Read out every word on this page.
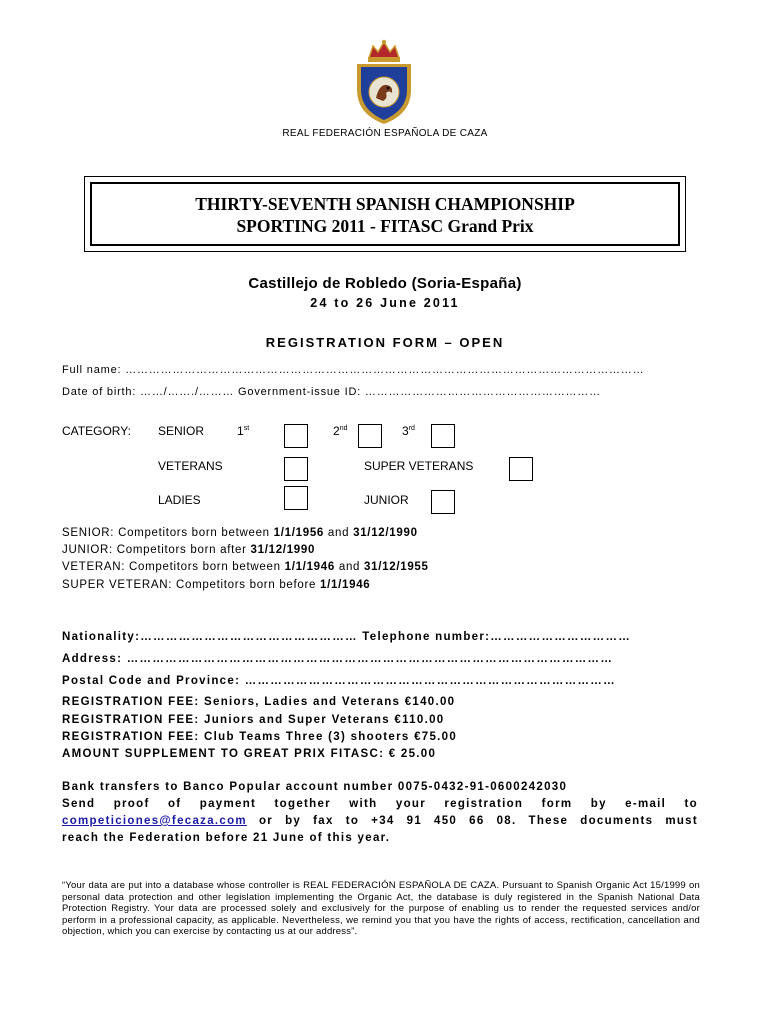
REAL FEDERACIÓN ESPAÑOLA DE CAZA
THIRTY-SEVENTH SPANISH CHAMPIONSHIP
SPORTING 2011 - FITASC Grand Prix
Castillejo de Robledo (Soria-España)
24 to 26 June 2011
REGISTRATION FORM – OPEN
Full name: ……………………………………………………………………………………………………………………
Date of birth: ……/……./……… Government-issue ID: ……………………………………………………
CATEGORY: SENIOR	1st	2nd	3rd
VETERANS	SUPER VETERANS
LADIES	JUNIOR
SENIOR: Competitors born between 1/1/1956 and 31/12/1990
JUNIOR: Competitors born after 31/12/1990
VETERAN: Competitors born between 1/1/1946 and 31/12/1955
SUPER VETERAN: Competitors born before 1/1/1946
Nationality:…………………………………………… Telephone number:……………………………
Address: ……………………………………………………………………………………………………
Postal Code and Province: ……………………………………………………………………………
REGISTRATION FEE: Seniors, Ladies and Veterans €140.00
REGISTRATION FEE: Juniors and Super Veterans €110.00
REGISTRATION FEE: Club Teams Three (3) shooters €75.00
AMOUNT SUPPLEMENT TO GREAT PRIX FITASC: € 25.00
Bank transfers to Banco Popular account number 0075-0432-91-0600242030
Send proof of payment together with your registration form by e-mail to
competiciones@fecaza.com or by fax to +34 91 450 66 08. These documents must
reach the Federation before 21 June of this year.
“Your data are put into a database whose controller is REAL FEDERACIÓN ESPAÑOLA DE CAZA. Pursuant to Spanish Organic Act 15/1999 on personal data protection and other legislation implementing the Organic Act, the database is duly registered in the Spanish National Data Protection Registry. Your data are processed solely and exclusively for the purpose of enabling us to render the requested services and/or perform in a professional capacity, as applicable. Nevertheless, we remind you that you have the rights of access, rectification, cancellation and objection, which you can exercise by contacting us at our address”.
